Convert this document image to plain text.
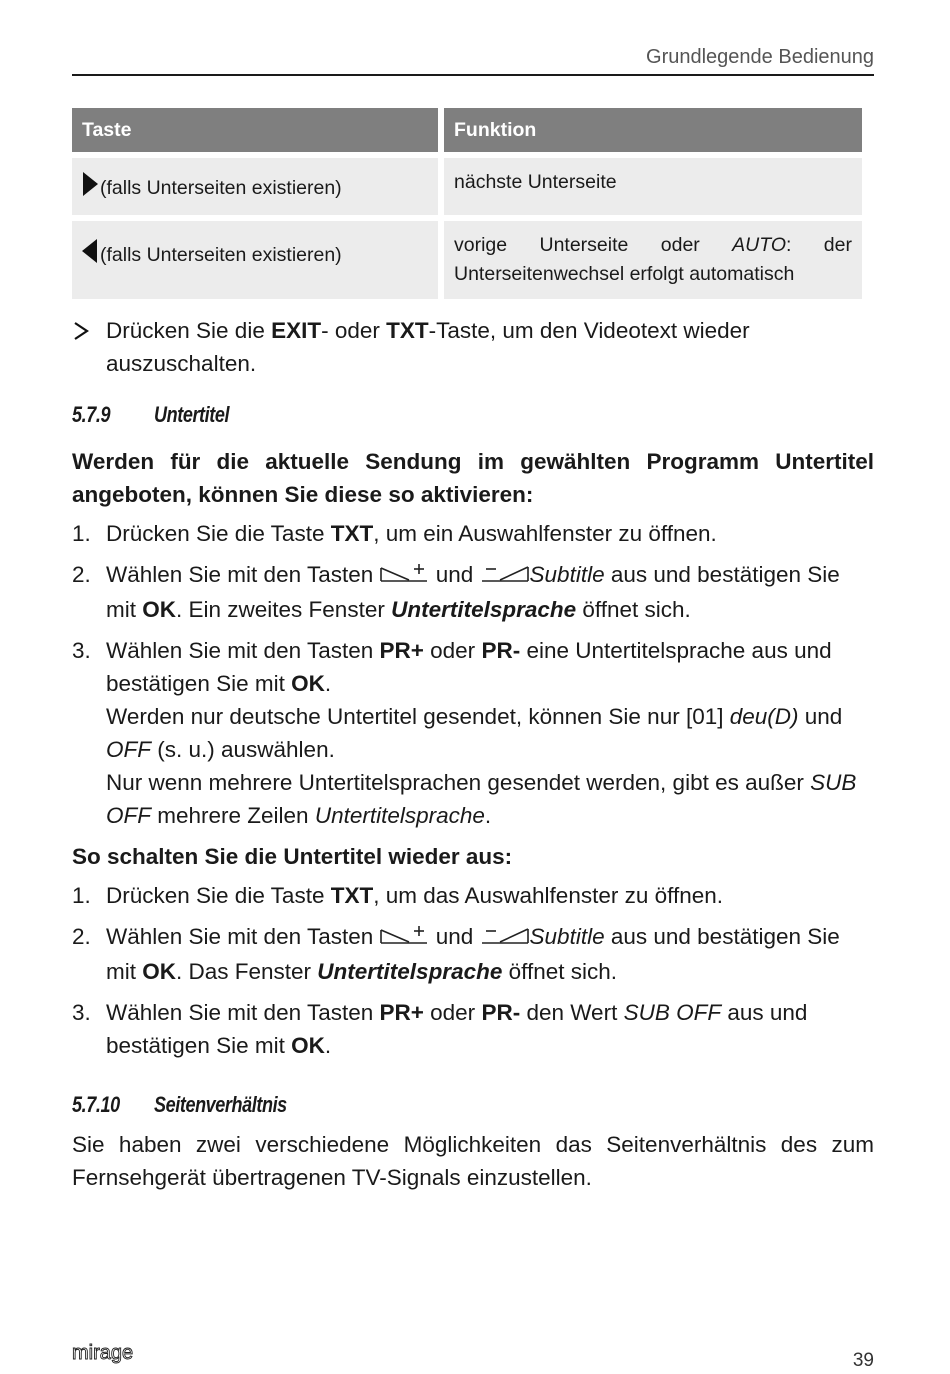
Grundlegende Bedienung
Taste	Funktion
(falls Unterseiten existieren)	nächste Unterseite
(falls Unterseiten existieren)	vorige Unterseite oder AUTO: der Unterseitenwechsel erfolgt automatisch
Drücken Sie die EXIT- oder TXT-Taste, um den Videotext wieder auszuschalten.
5.7.9 Untertitel
Werden für die aktuelle Sendung im gewählten Programm Untertitel angeboten, können Sie diese so aktivieren:
1. Drücken Sie die Taste TXT, um ein Auswahlfenster zu öffnen.
2. Wählen Sie mit den Tasten  und Subtitle aus und bestätigen Sie mit OK. Ein zweites Fenster Untertitelsprache öffnet sich.
3. Wählen Sie mit den Tasten PR+ oder PR- eine Untertitelsprache aus und bestätigen Sie mit OK.
Werden nur deutsche Untertitel gesendet, können Sie nur [01] deu(D) und OFF (s. u.) auswählen.
Nur wenn mehrere Untertitelsprachen gesendet werden, gibt es außer SUB OFF mehrere Zeilen Untertitelsprache.
So schalten Sie die Untertitel wieder aus:
1. Drücken Sie die Taste TXT, um das Auswahlfenster zu öffnen.
2. Wählen Sie mit den Tasten  und Subtitle aus und bestätigen Sie mit OK. Das Fenster Untertitelsprache öffnet sich.
3. Wählen Sie mit den Tasten PR+ oder PR- den Wert SUB OFF aus und bestätigen Sie mit OK.
5.7.10 Seitenverhältnis
Sie haben zwei verschiedene Möglichkeiten das Seitenverhältnis des zum Fernsehgerät übertragenen TV-Signals einzustellen.
mirage	39
